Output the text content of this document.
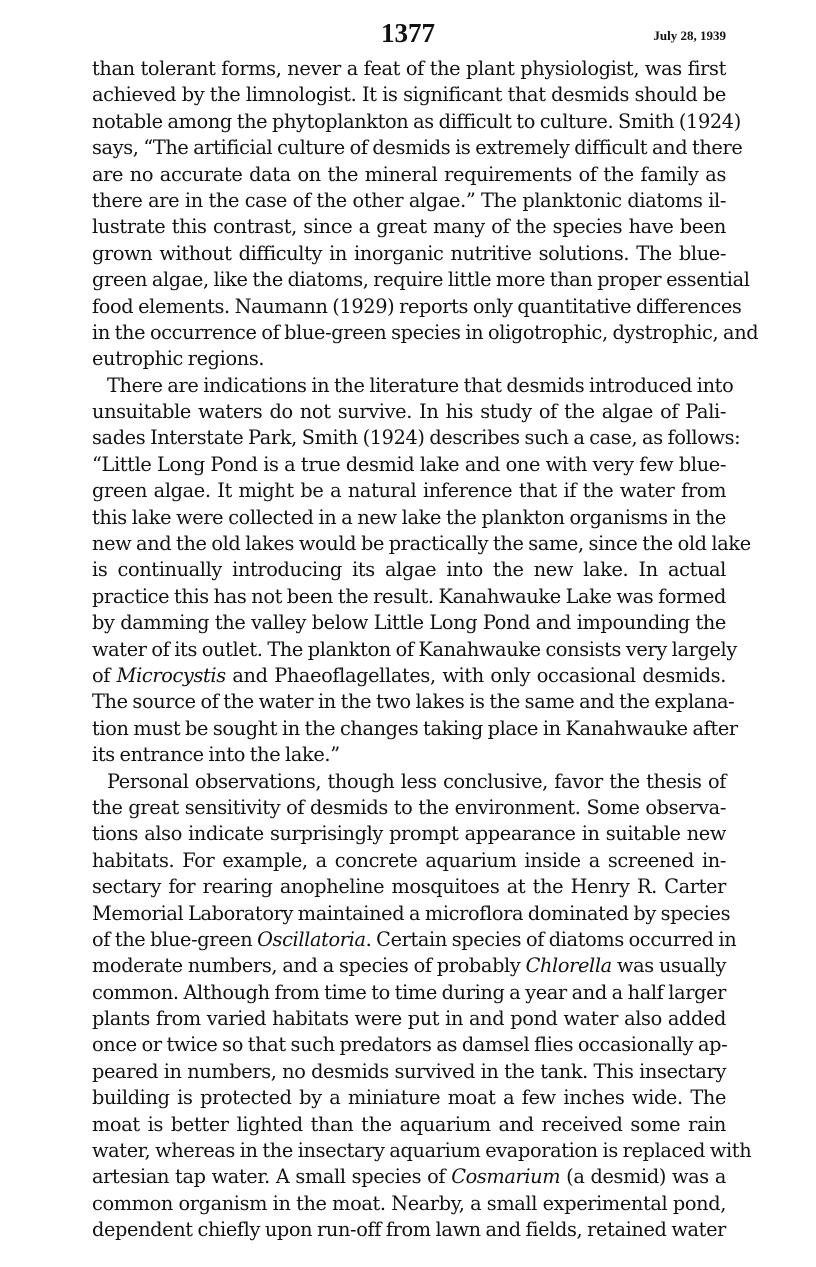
1377	July 28, 1939
than tolerant forms, never a feat of the plant physiologist, was first
achieved by the limnologist. It is significant that desmids should be
notable among the phytoplankton as difficult to culture. Smith (1924)
says, “The artificial culture of desmids is extremely difficult and there
are no accurate data on the mineral requirements of the family as
there are in the case of the other algae.” The planktonic diatoms il-
lustrate this contrast, since a great many of the species have been
grown without difficulty in inorganic nutritive solutions. The blue-
green algae, like the diatoms, require little more than proper essential
food elements. Naumann (1929) reports only quantitative differences
in the occurrence of blue-green species in oligotrophic, dystrophic, and
eutrophic regions.
There are indications in the literature that desmids introduced into
unsuitable waters do not survive. In his study of the algae of Pali-
sades Interstate Park, Smith (1924) describes such a case, as follows:
“Little Long Pond is a true desmid lake and one with very few blue-
green algae. It might be a natural inference that if the water from
this lake were collected in a new lake the plankton organisms in the
new and the old lakes would be practically the same, since the old lake
is continually introducing its algae into the new lake. In actual
practice this has not been the result. Kanahwauke Lake was formed
by damming the valley below Little Long Pond and impounding the
water of its outlet. The plankton of Kanahwauke consists very largely
of Microcystis and Phaeoflagellates, with only occasional desmids.
The source of the water in the two lakes is the same and the explana-
tion must be sought in the changes taking place in Kanahwauke after
its entrance into the lake.”
Personal observations, though less conclusive, favor the thesis of
the great sensitivity of desmids to the environment. Some observa-
tions also indicate surprisingly prompt appearance in suitable new
habitats. For example, a concrete aquarium inside a screened in-
sectary for rearing anopheline mosquitoes at the Henry R. Carter
Memorial Laboratory maintained a microflora dominated by species
of the blue-green Oscillatoria. Certain species of diatoms occurred in
moderate numbers, and a species of probably Chlorella was usually
common. Although from time to time during a year and a half larger
plants from varied habitats were put in and pond water also added
once or twice so that such predators as damsel flies occasionally ap-
peared in numbers, no desmids survived in the tank. This insectary
building is protected by a miniature moat a few inches wide. The
moat is better lighted than the aquarium and received some rain
water, whereas in the insectary aquarium evaporation is replaced with
artesian tap water. A small species of Cosmarium (a desmid) was a
common organism in the moat. Nearby, a small experimental pond,
dependent chiefly upon run-off from lawn and fields, retained water
